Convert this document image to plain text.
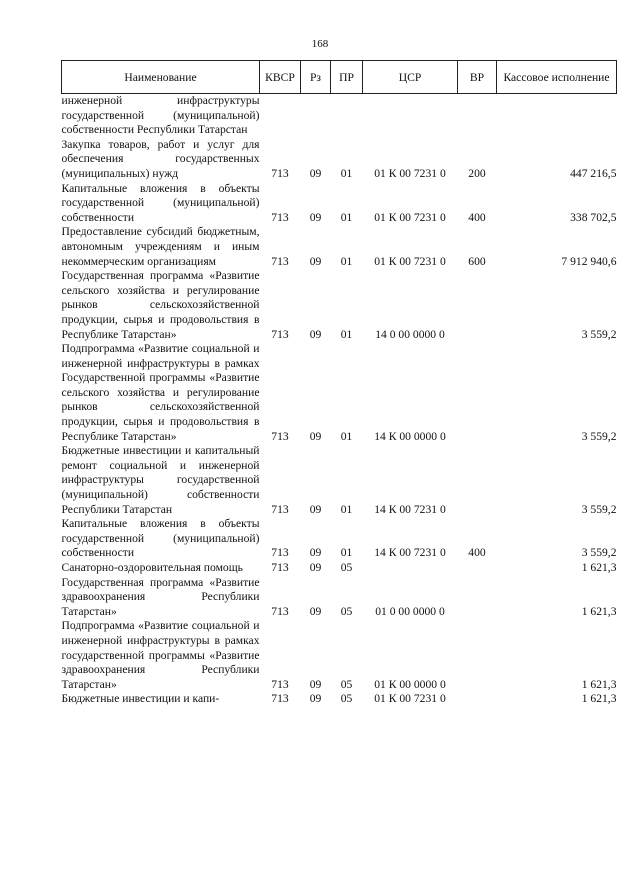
168
Наименование	КВСР	Рз	ПР	ЦСР	ВР	Кассовое исполнение

инженерной инфраструктуры государственной (муниципальной) собственности Республики Татарстан						

Закупка товаров, работ и услуг для обеспечения государственных (муниципальных) нужд	713	09	01	01 К 00 7231 0	200	447 216,5

Капитальные вложения в объекты государственной (муниципальной) собственности	713	09	01	01 К 00 7231 0	400	338 702,5

Предоставление субсидий бюджетным, автономным учреждениям и иным некоммерческим организациям	713	09	01	01 К 00 7231 0	600	7 912 940,6

Государственная программа «Развитие сельского хозяйства и регулирование рынков сельскохозяйственной продукции, сырья и продовольствия в Республике Татарстан»	713	09	01	14 0 00 0000 0		3 559,2

Подпрограмма «Развитие социальной и инженерной инфраструктуры в рамках Государственной программы «Развитие сельского хозяйства и регулирование рынков сельскохозяйственной продукции, сырья и продовольствия в Республике Татарстан»	713	09	01	14 К 00 0000 0		3 559,2

Бюджетные инвестиции и капитальный ремонт социальной и инженерной инфраструктуры государственной (муниципальной) собственности Республики Татарстан	713	09	01	14 К 00 7231 0		3 559,2

Капитальные вложения в объекты государственной (муниципальной) собственности	713	09	01	14 К 00 7231 0	400	3 559,2

Санаторно-оздоровительная помощь	713	09	05			1 621,3

Государственная программа «Развитие здравоохранения Республики Татарстан»	713	09	05	01 0 00 0000 0		1 621,3

Подпрограмма «Развитие социальной и инженерной инфраструктуры в рамках государственной программы «Развитие здравоохранения Республики Татарстан»	713	09	05	01 К 00 0000 0		1 621,3

Бюджетные инвестиции и капи-	713	09	05	01 К 00 7231 0		1 621,3
